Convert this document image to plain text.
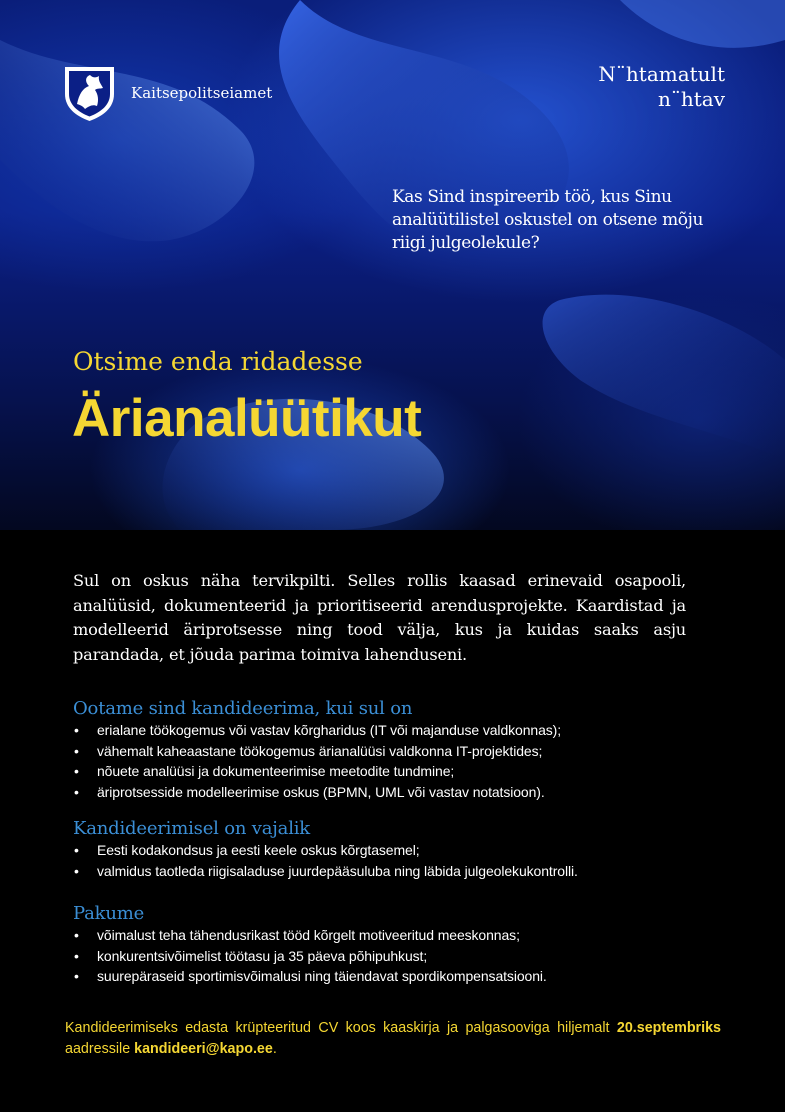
Kaitsepolitseiamet
N¨htamatult
n¨htav
Kas Sind inspireerib töö, kus Sinu analüütilistel oskustel on otsene mõju riigi julgeolekule?
Otsime enda ridadesse
Ärianalüütikut
Sul on oskus näha tervikpilti. Selles rollis kaasad erinevaid osapooli, analüüsid, dokumenteerid ja prioritiseerid arendusprojekte. Kaardistad ja modelleerid äriprotsesse ning tood välja, kus ja kuidas saaks asju parandada, et jõuda parima toimiva lahenduseni.
Ootame sind kandideerima, kui sul on
• erialane töökogemus või vastav kõrgharidus (IT või majanduse valdkonnas);
• vähemalt kaheaastane töökogemus ärianalüüsi valdkonna IT-projektides;
• nõuete analüüsi ja dokumenteerimise meetodite tundmine;
• äriprotsesside modelleerimise oskus (BPMN, UML või vastav notatsioon).
Kandideerimisel on vajalik
• Eesti kodakondsus ja eesti keele oskus kõrgtasemel;
• valmidus taotleda riigisaladuse juurdepääsuluba ning läbida julgeolekukontrolli.
Pakume
• võimalust teha tähendusrikast tööd kõrgelt motiveeritud meeskonnas;
• konkurentsivõimelist töötasu ja 35 päeva põhipuhkust;
• suurepäraseid sportimisvõimalusi ning täiendavat spordikompensatsiooni.
Kandideerimiseks edasta krüpteeritud CV koos kaaskirja ja palgasooviga hiljemalt 20.septembriks aadressile kandideeri@kapo.ee.
